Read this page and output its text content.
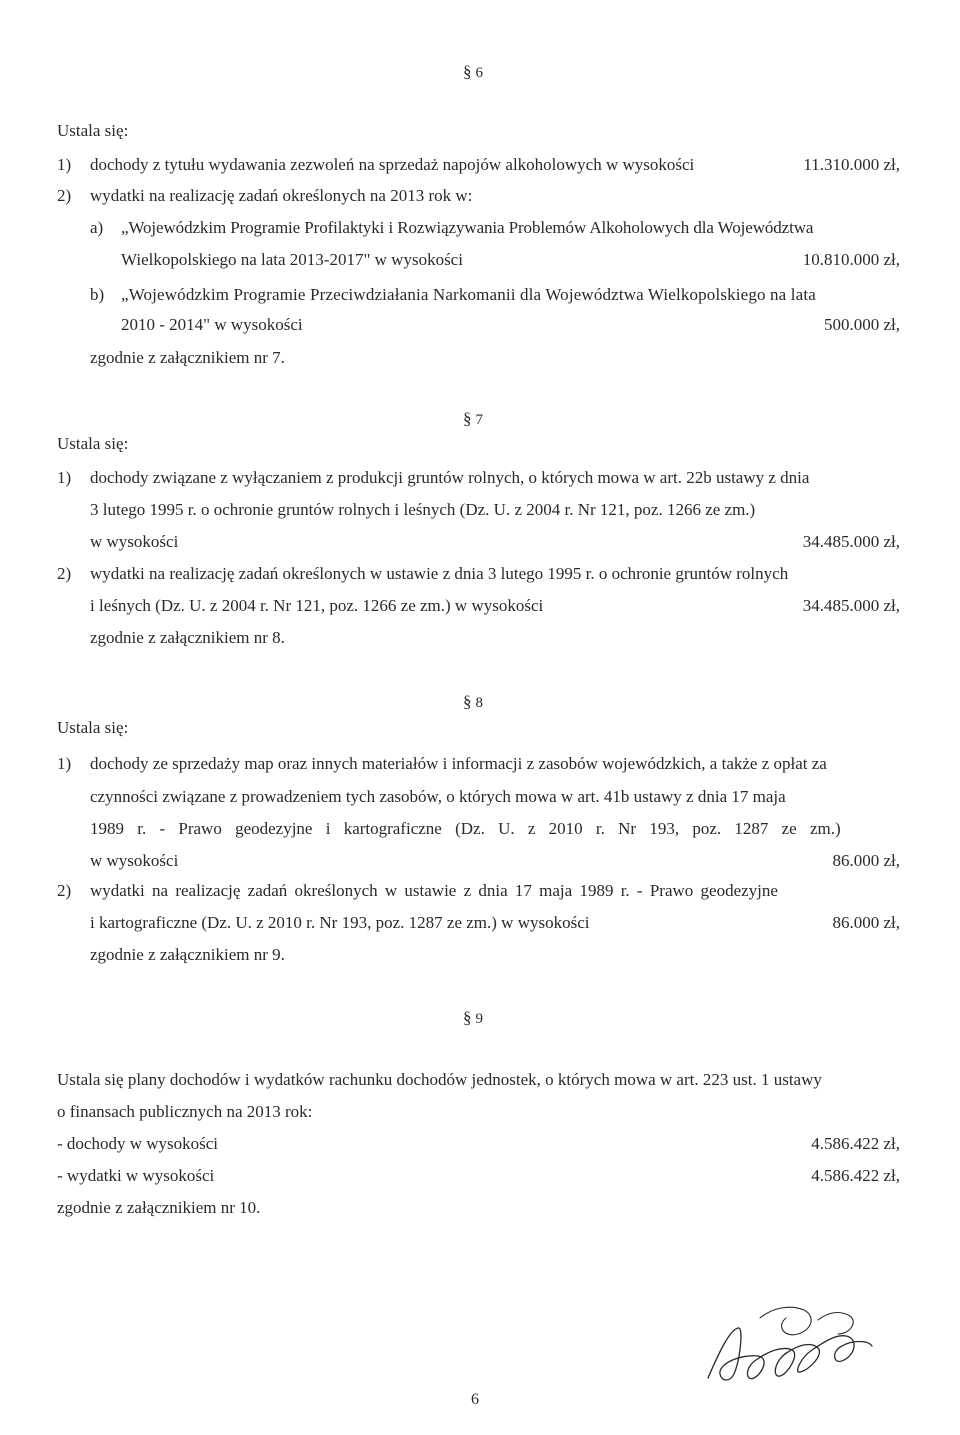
§ 6
Ustala się:
1) dochody z tytułu wydawania zezwoleń na sprzedaż napojów alkoholowych w wysokości	11.310.000 zł,
2) wydatki na realizację zadań określonych na 2013 rok w:
a) „Wojewódzkim Programie Profilaktyki i Rozwiązywania Problemów Alkoholowych dla Województwa
Wielkopolskiego na lata 2013-2017" w wysokości	10.810.000 zł,
b) „Wojewódzkim Programie Przeciwdziałania Narkomanii dla Województwa Wielkopolskiego na lata
2010 - 2014" w wysokości	500.000 zł,
zgodnie z załącznikiem nr 7.
§ 7
Ustala się:
1) dochody związane z wyłączaniem z produkcji gruntów rolnych, o których mowa w art. 22b ustawy z dnia
3 lutego 1995 r. o ochronie gruntów rolnych i leśnych (Dz. U. z 2004 r. Nr 121, poz. 1266 ze zm.)
w wysokości	34.485.000 zł,
2) wydatki na realizację zadań określonych w ustawie z dnia 3 lutego 1995 r. o ochronie gruntów rolnych
i leśnych (Dz. U. z 2004 r. Nr 121, poz. 1266 ze zm.) w wysokości	34.485.000 zł,
zgodnie z załącznikiem nr 8.
§ 8
Ustala się:
1) dochody ze sprzedaży map oraz innych materiałów i informacji z zasobów wojewódzkich, a także z opłat za
czynności związane z prowadzeniem tych zasobów, o których mowa w art. 41b ustawy z dnia 17 maja
1989 r. - Prawo geodezyjne i kartograficzne (Dz. U. z 2010 r. Nr 193, poz. 1287 ze zm.)
w wysokości	86.000 zł,
2) wydatki na realizację zadań określonych w ustawie z dnia 17 maja 1989 r. - Prawo geodezyjne
i kartograficzne (Dz. U. z 2010 r. Nr 193, poz. 1287 ze zm.) w wysokości	86.000 zł,
zgodnie z załącznikiem nr 9.
§ 9
Ustala się plany dochodów i wydatków rachunku dochodów jednostek, o których mowa w art. 223 ust. 1 ustawy
o finansach publicznych na 2013 rok:
- dochody w wysokości	4.586.422 zł,
- wydatki w wysokości	4.586.422 zł,
zgodnie z załącznikiem nr 10.
6
